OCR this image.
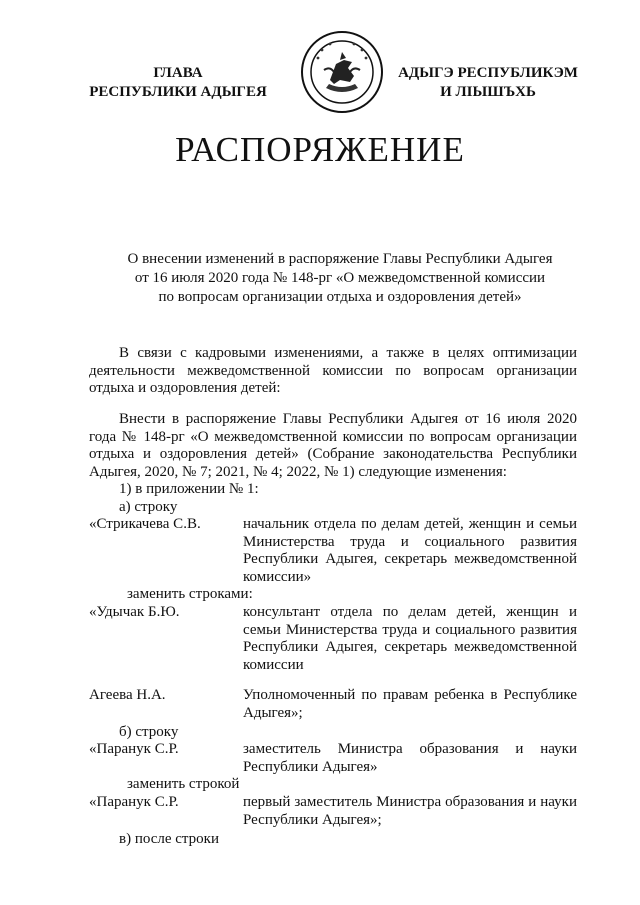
ГЛАВА
РЕСПУБЛИКИ АДЫГЕЯ
АДЫГЭ РЕСПУБЛИКЭМ
И ЛІЫШЪХЬ
РАСПОРЯЖЕНИЕ
О внесении изменений в распоряжение Главы Республики Адыгея
от 16 июля 2020 года № 148-рг «О межведомственной комиссии
по вопросам организации отдыха и оздоровления детей»
В связи с кадровыми изменениями, а также в целях оптимизации деятельности межведомственной комиссии по вопросам организации отдыха и оздоровления детей:
Внести в распоряжение Главы Республики Адыгея от 16 июля 2020 года № 148-рг «О межведомственной комиссии по вопросам организации отдыха и оздоровления детей» (Собрание законодательства Республики Адыгея, 2020, № 7; 2021, № 4; 2022, № 1) следующие изменения:
1) в приложении № 1:
а) строку
«Стрикачева С.В.	начальник отдела по делам детей, женщин и семьи Министерства труда и социального развития Республики Адыгея, секретарь межведомственной комиссии»
заменить строками:
«Удычак Б.Ю.	консультант отдела по делам детей, женщин и семьи Министерства труда и социального развития Республики Адыгея, секретарь межведомственной комиссии
Агеева Н.А.	Уполномоченный по правам ребенка в Республике Адыгея»;
б) строку
«Паранук С.Р.	заместитель Министра образования и науки Республики Адыгея»
заменить строкой
«Паранук С.Р.	первый заместитель Министра образования и науки Республики Адыгея»;
в) после строки
